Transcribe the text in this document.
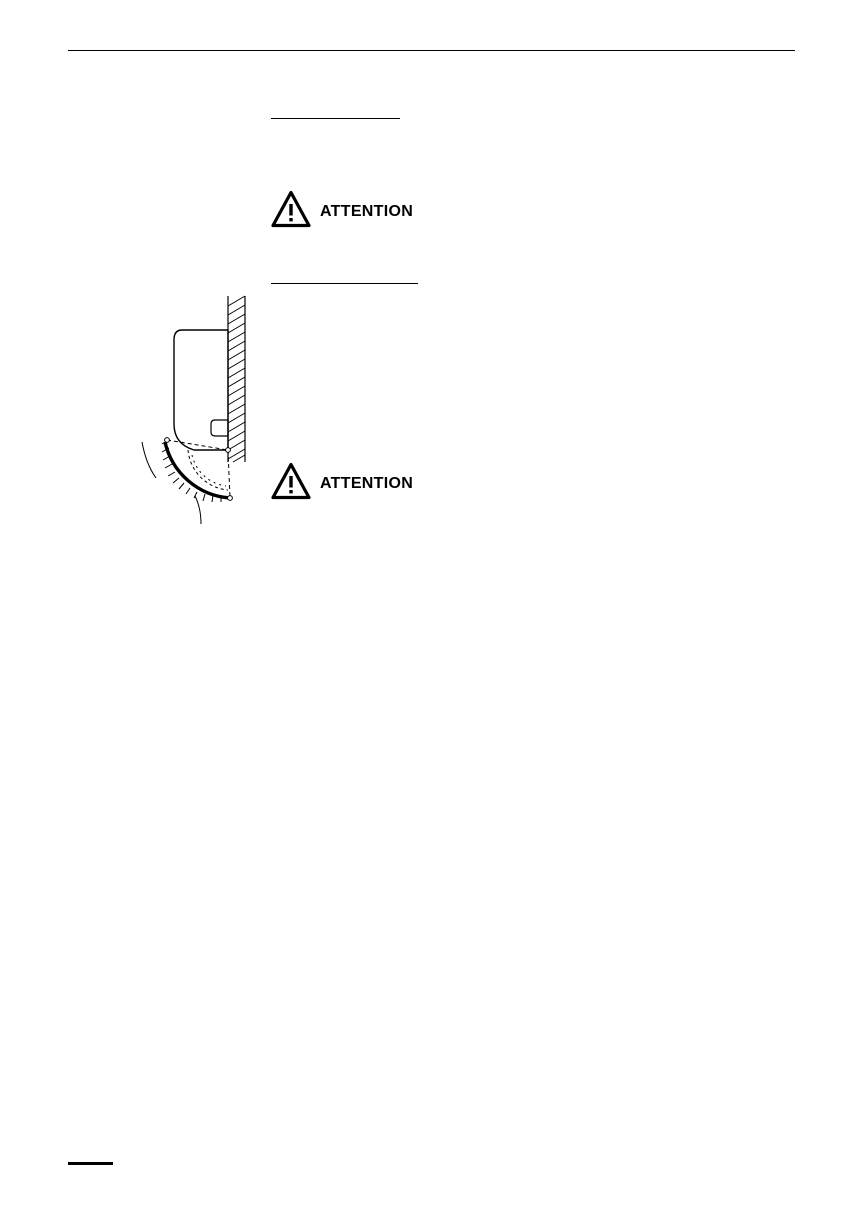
ATTENTION
ATTENTION
